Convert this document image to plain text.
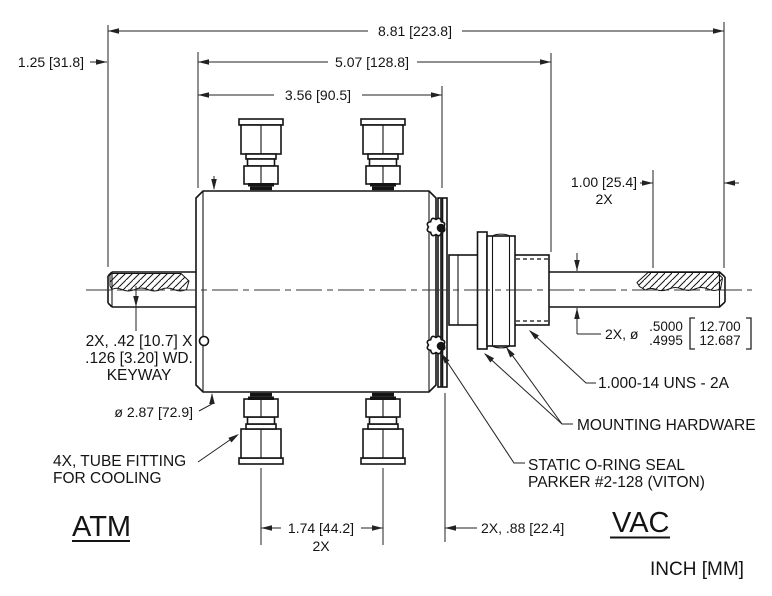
8.81 [223.8]
1.25 [31.8]	5.07 [128.8]
3.56 [90.5]
1.00 [25.4]
2X
2X, ø .5000
.4995
12.700
12.687
2X, .42 [10.7] X
.126 [3.20] WD.
KEYWAY
ø 2.87 [72.9]
4X, TUBE FITTING
FOR COOLING
ATM	1.74 [44.2]
2X
2X, .88 [22.4]
1.000-14 UNS - 2A
MOUNTING HARDWARE
STATIC O-RING SEAL
PARKER #2-128 (VITON)
VAC
INCH [MM]
